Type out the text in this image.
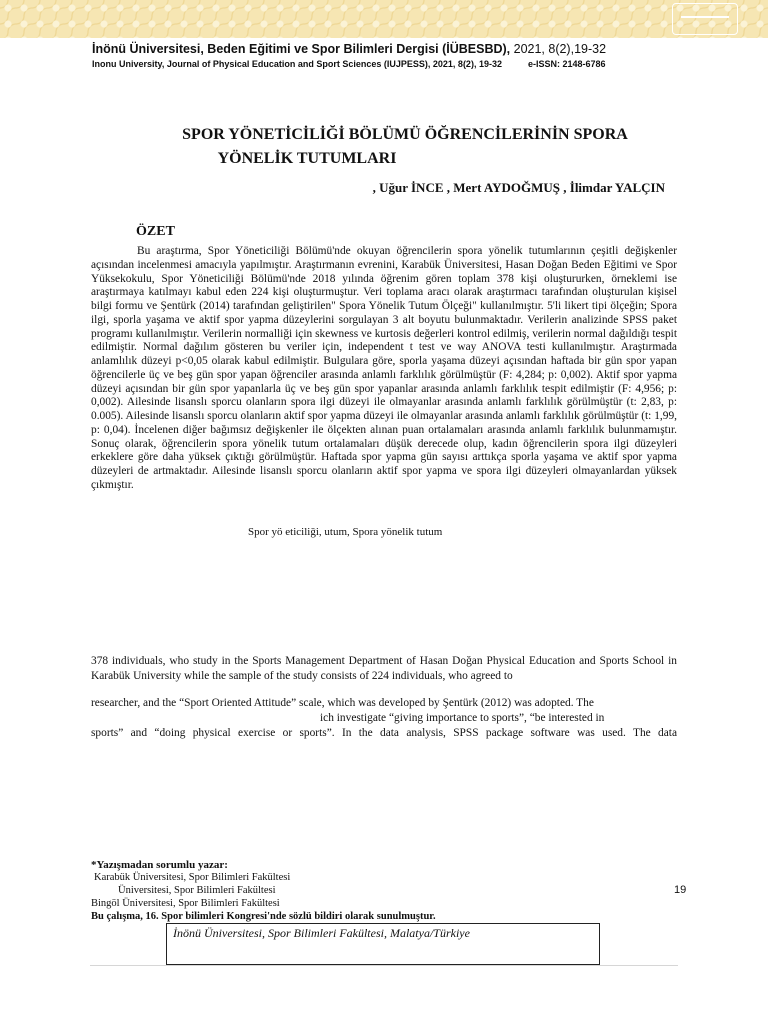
İnönü Üniversitesi, Beden Eğitimi ve Spor Bilimleri Dergisi (İÜBESBD), 2021, 8(2),19-32
Inonu University, Journal of Physical Education and Sport Sciences (IUJPESS), 2021, 8(2), 19-32	e-ISSN: 2148-6786
SPOR YÖNETİCİLİĞİ BÖLÜMÜ ÖĞRENCİLERİNİN SPORA
YÖNELİK TUTUMLARI
, Uğur İNCE , Mert AYDOĞMUŞ , İlimdar YALÇIN
ÖZET

Bu araştırma, Spor Yöneticiliği Bölümü'nde okuyan öğrencilerin spora yönelik tutumlarının çeşitli değişkenler açısından incelenmesi amacıyla yapılmıştır. Araştırmanın evrenini, Karabük Üniversitesi, Hasan Doğan Beden Eğitimi ve Spor Yüksekokulu, Spor Yöneticiliği Bölümü'nde 2018 yılında öğrenim gören toplam 378 kişi oluştururken, örneklemi ise araştırmaya katılmayı kabul eden 224 kişi oluşturmuştur. Veri toplama aracı olarak araştırmacı tarafından oluşturulan kişisel bilgi formu ve Şentürk (2014) tarafından geliştirilen" Spora Yönelik Tutum Ölçeği" kullanılmıştır. 5'li likert tipi ölçeğin; Spora ilgi, sporla yaşama ve aktif spor yapma düzeylerini sorgulayan 3 alt boyutu bulunmaktadır. Verilerin analizinde SPSS paket programı kullanılmıştır. Verilerin normalliği için skewness ve kurtosis değerleri kontrol edilmiş, verilerin normal dağıldığı tespit edilmiştir. Normal dağılım gösteren bu veriler için, independent t test ve way ANOVA testi kullanılmıştır. Araştırmada anlamlılık düzeyi p<0,05 olarak kabul edilmiştir. Bulgulara göre, sporla yaşama düzeyi açısından haftada bir gün spor yapan öğrencilerle üç ve beş gün spor yapan öğrenciler arasında anlamlı farklılık görülmüştür (F: 4,284; p: 0,002). Aktif spor yapma düzeyi açısından bir gün spor yapanlarla üç ve beş gün spor yapanlar arasında anlamlı farklılık tespit edilmiştir (F: 4,956; p: 0,002). Ailesinde lisanslı sporcu olanların spora ilgi düzeyi ile olmayanlar arasında anlamlı farklılık görülmüştür (t: 2,83, p: 0.005). Ailesinde lisanslı sporcu olanların aktif spor yapma düzeyi ile olmayanlar arasında anlamlı farklılık görülmüştür (t: 1,99, p: 0,04). İncelenen diğer bağımsız değişkenler ile ölçekten alınan puan ortalamaları arasında anlamlı farklılık bulunmamıştır. Sonuç olarak, öğrencilerin spora yönelik tutum ortalamaları düşük derecede olup, kadın öğrencilerin spora ilgi düzeyleri erkeklere göre daha yüksek çıktığı görülmüştür. Haftada spor yapma gün sayısı arttıkça sporla yaşama ve aktif spor yapma düzeyleri de artmaktadır. Ailesinde lisanslı sporcu olanların aktif spor yapma ve spora ilgi düzeyleri olmayanlardan yüksek çıkmıştır.

Spor yö eticiliği, utum, Spora yönelik tutum

378 individuals, who study in the Sports Management Department of Hasan Doğan Physical Education and Sports School in Karabük University while the sample of the study consists of 224 individuals, who agreed to

researcher, and the “Sport Oriented Attitude” scale, which was developed by Şentürk (2012) was adopted. The

ich investigate “giving importance to sports”, “be interested in

sports” and “doing physical exercise or sports”. In the data analysis, SPSS package software was used. The data

*Yazışmadan sorumlu yazar:
Karabük Üniversitesi, Spor Bilimleri Fakültesi
Üniversitesi, Spor Bilimleri Fakültesi
Bingöl Üniversitesi, Spor Bilimleri Fakültesi
Bu çalışma, 16. Spor bilimleri Kongresi'nde sözlü bildiri olarak sunulmuştur.
19
İnönü Üniversitesi, Spor Bilimleri Fakültesi, Malatya/Türkiye
